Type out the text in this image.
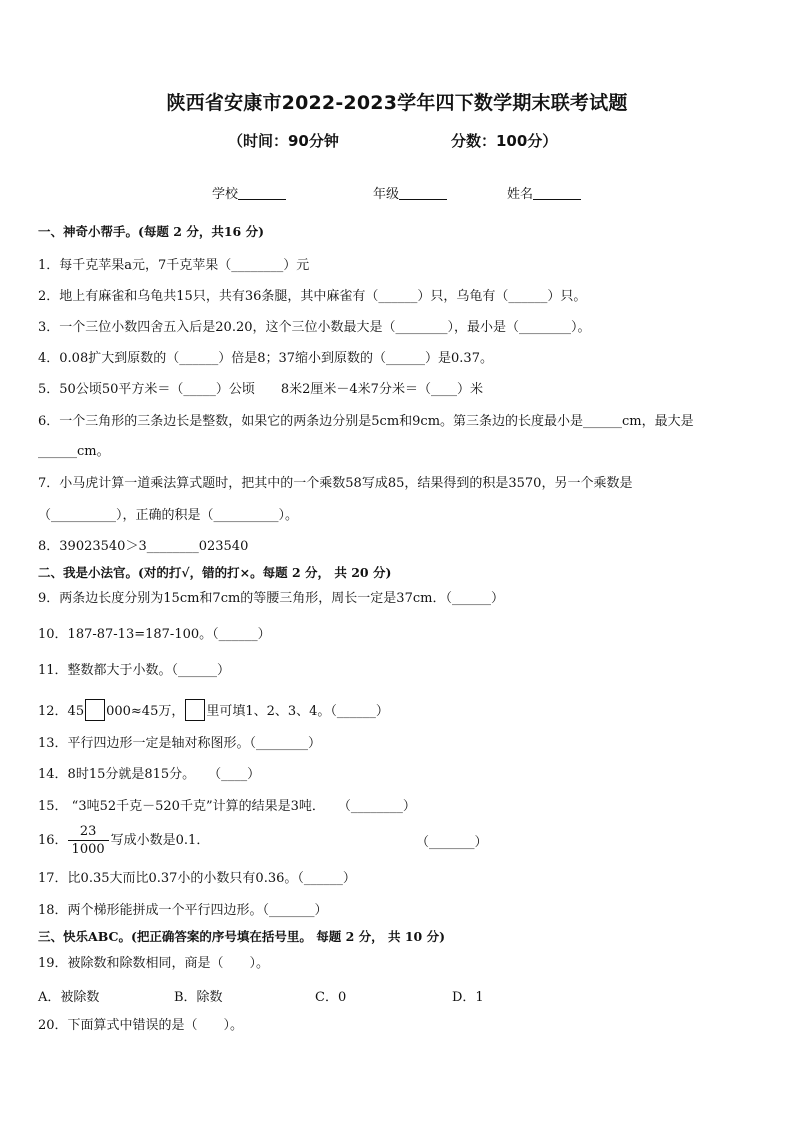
陕西省安康市2022-2023学年四下数学期末联考试题
（时间：90分钟	分数：100分）
学校	年级	姓名
一、神奇小帮手。(每题 2 分，共16 分)
1．每千克苹果a元，7千克苹果（________）元
2．地上有麻雀和乌龟共15只，共有36条腿，其中麻雀有（______）只，乌龟有（______）只。
3．一个三位小数四舍五入后是20.20，这个三位小数最大是（________），最小是（________）。
4．0.08扩大到原数的（______）倍是8；37缩小到原数的（______）是0.37。
5．50公顷50平方米＝（_____）公顷　　8米2厘米－4米7分米＝（____）米
6．一个三角形的三条边长是整数，如果它的两条边分别是5cm和9cm。第三条边的长度最小是______cm，最大是
______cm。
7．小马虎计算一道乘法算式题时，把其中的一个乘数58写成85，结果得到的积是3570，另一个乘数是
（__________），正确的积是（__________）。
8．39023540＞3________023540
二、我是小法官。(对的打√，错的打×。每题 2 分， 共 20 分)
9．两条边长度分别为15cm和7cm的等腰三角形，周长一定是37cm．（______）
10．187-87-13=187-100。（______）
11．整数都大于小数。（______）
12．45 000≈45万， 里可填1、2、3、4。（______）
13．平行四边形一定是轴对称图形。（________）
14．8时15分就是815分。　　（____）
15． “3吨52千克－520千克”计算的结果是3吨．　　（________）
16． $\frac{23}{1000}$ 写成小数是0.1．	（_______）
17．比0.35大而比0.37小的小数只有0.36。（______）
18．两个梯形能拼成一个平行四边形。（_______）
三、快乐ABC。(把正确答案的序号填在括号里。 每题 2 分， 共 10 分)
19．被除数和除数相同，商是（　　）。
A．被除数	B．除数	C．0	D．1
20．下面算式中错误的是（　　）。
